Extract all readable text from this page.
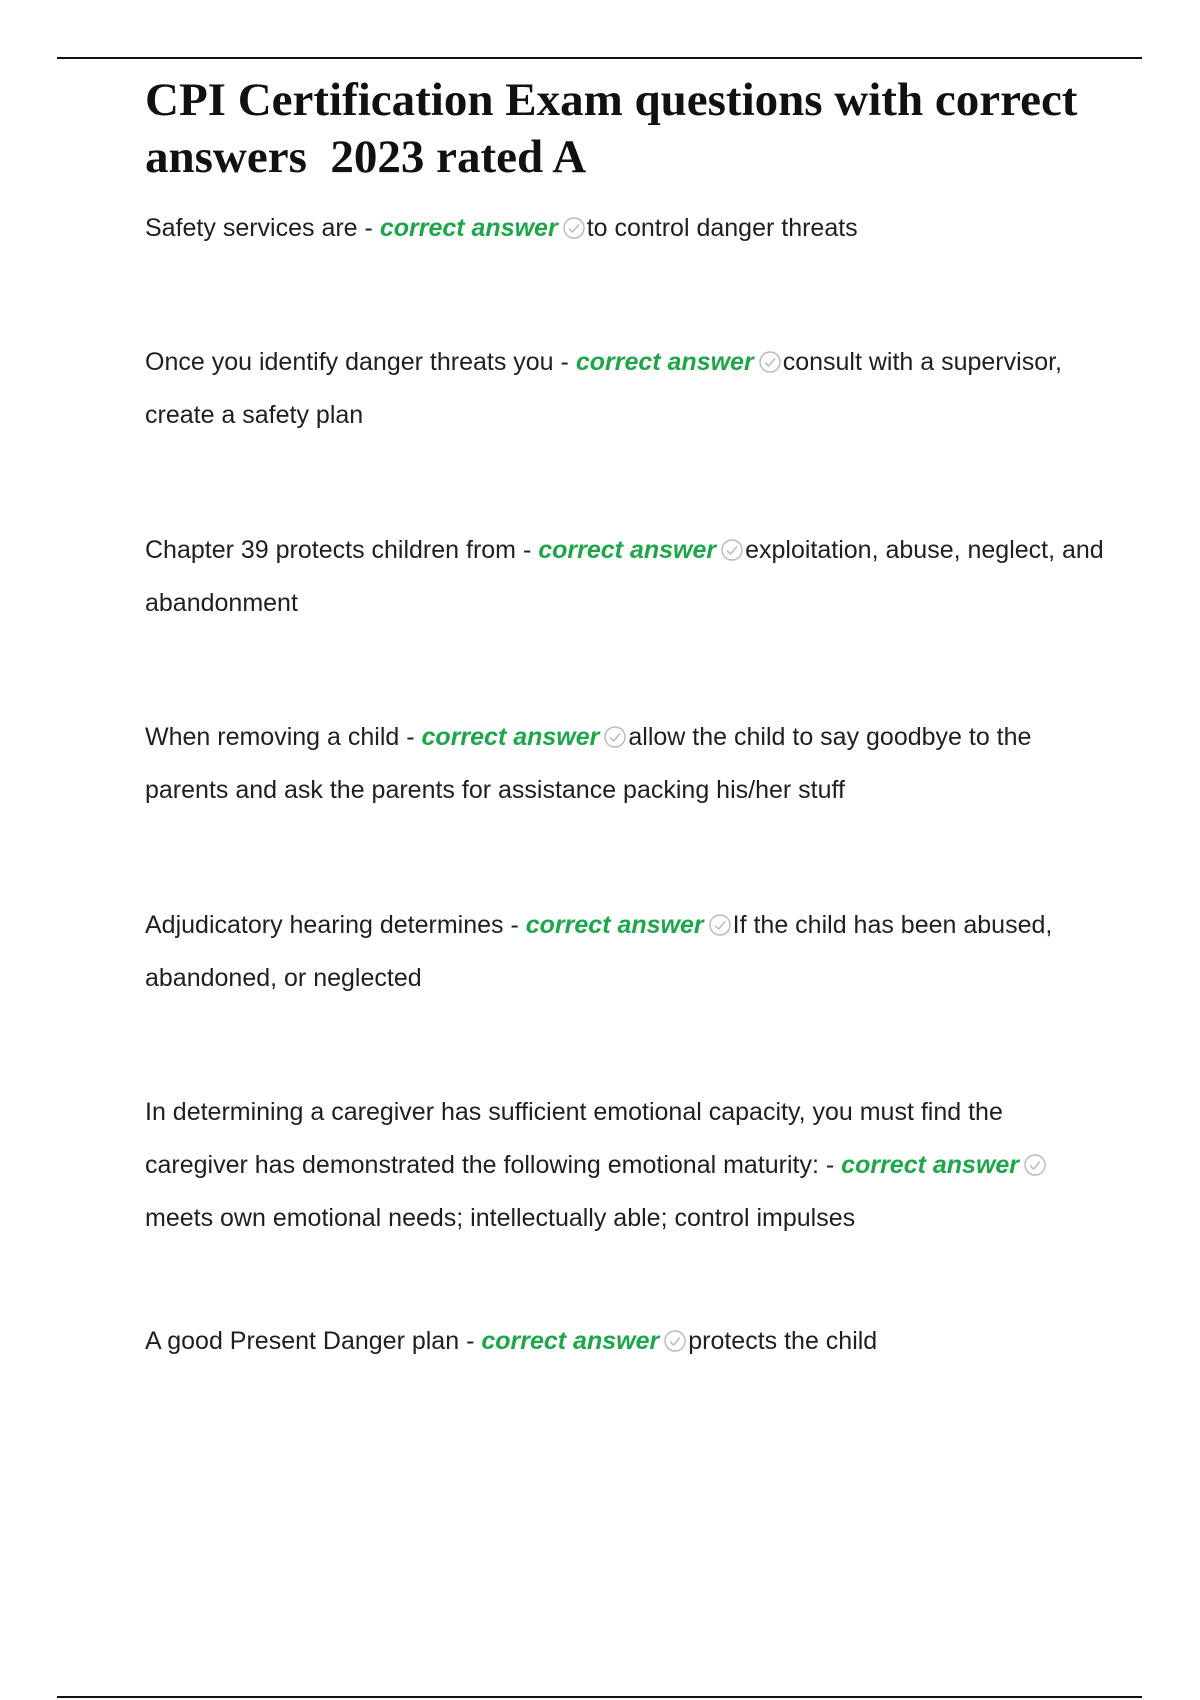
CPI Certification Exam questions with correct answers  2023 rated A
Safety services are - correct answer to control danger threats
Once you identify danger threats you - correct answer consult with a supervisor, create a safety plan
Chapter 39 protects children from - correct answer exploitation, abuse, neglect, and abandonment
When removing a child - correct answer allow the child to say goodbye to the parents and ask the parents for assistance packing his/her stuff
Adjudicatory hearing determines - correct answer If the child has been abused, abandoned, or neglected
In determining a caregiver has sufficient emotional capacity, you must find the caregiver has demonstrated the following emotional maturity: - correct answer
meets own emotional needs; intellectually able; control impulses
A good Present Danger plan - correct answer protects the child
